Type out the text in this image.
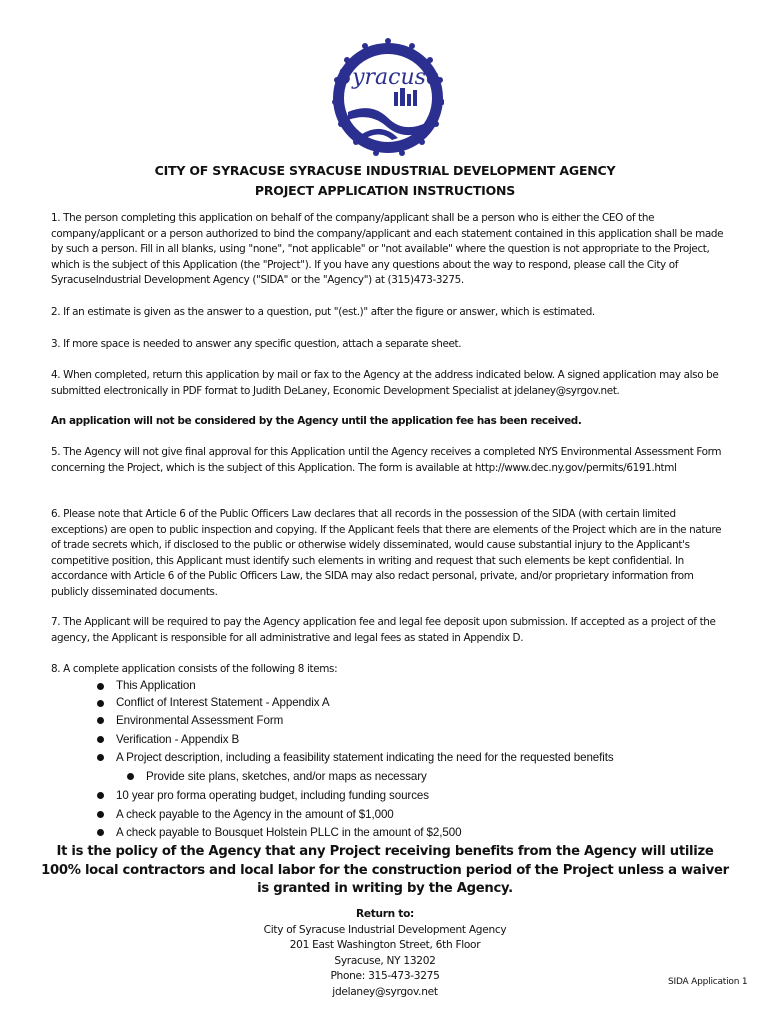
Syracuse
CITY OF SYRACUSE SYRACUSE INDUSTRIAL DEVELOPMENT AGENCY
PROJECT APPLICATION INSTRUCTIONS

1. The person completing this application on behalf of the company/applicant shall be a person who is either the CEO of the company/applicant or a person authorized to bind the company/applicant and each statement contained in this application shall be made by such a person. Fill in all blanks, using "none", "not applicable" or "not available" where the question is not appropriate to the Project, which is the subject of this Application (the "Project"). If you have any questions about the way to respond, please call the City of SyracuseIndustrial Development Agency ("SIDA" or the "Agency") at (315)473-3275.

2. If an estimate is given as the answer to a question, put "(est.)" after the figure or answer, which is estimated.

3. If more space is needed to answer any specific question, attach a separate sheet.

4. When completed, return this application by mail or fax to the Agency at the address indicated below. A signed application may also be submitted electronically in PDF format to Judith DeLaney, Economic Development Specialist at jdelaney@syrgov.net.

An application will not be considered by the Agency until the application fee has been received.

5. The Agency will not give final approval for this Application until the Agency receives a completed NYS Environmental Assessment Form concerning the Project, which is the subject of this Application. The form is available at http://www.dec.ny.gov/permits/6191.html

6. Please note that Article 6 of the Public Officers Law declares that all records in the possession of the SIDA (with certain limited exceptions) are open to public inspection and copying. If the Applicant feels that there are elements of the Project which are in the nature of trade secrets which, if disclosed to the public or otherwise widely disseminated, would cause substantial injury to the Applicant's competitive position, this Applicant must identify such elements in writing and request that such elements be kept confidential. In accordance with Article 6 of the Public Officers Law, the SIDA may also redact personal, private, and/or proprietary information from publicly disseminated documents.

7. The Applicant will be required to pay the Agency application fee and legal fee deposit upon submission. If accepted as a project of the agency, the Applicant is responsible for all administrative and legal fees as stated in Appendix D.

8. A complete application consists of the following 8 items:

This Application
Conflict of Interest Statement - Appendix A
Environmental Assessment Form
Verification - Appendix B
A Project description, including a feasibility statement indicating the need for the requested benefits
Provide site plans, sketches, and/or maps as necessary
10 year pro forma operating budget, including funding sources
A check payable to the Agency in the amount of $1,000
A check payable to Bousquet Holstein PLLC in the amount of $2,500

It is the policy of the Agency that any Project receiving benefits from the Agency will utilize 100% local contractors and local labor for the construction period of the Project unless a waiver is granted in writing by the Agency.

Return to:
City of Syracuse Industrial Development Agency
201 East Washington Street, 6th Floor
Syracuse, NY 13202
Phone: 315-473-3275
jdelaney@syrgov.net
SIDA Application 1
